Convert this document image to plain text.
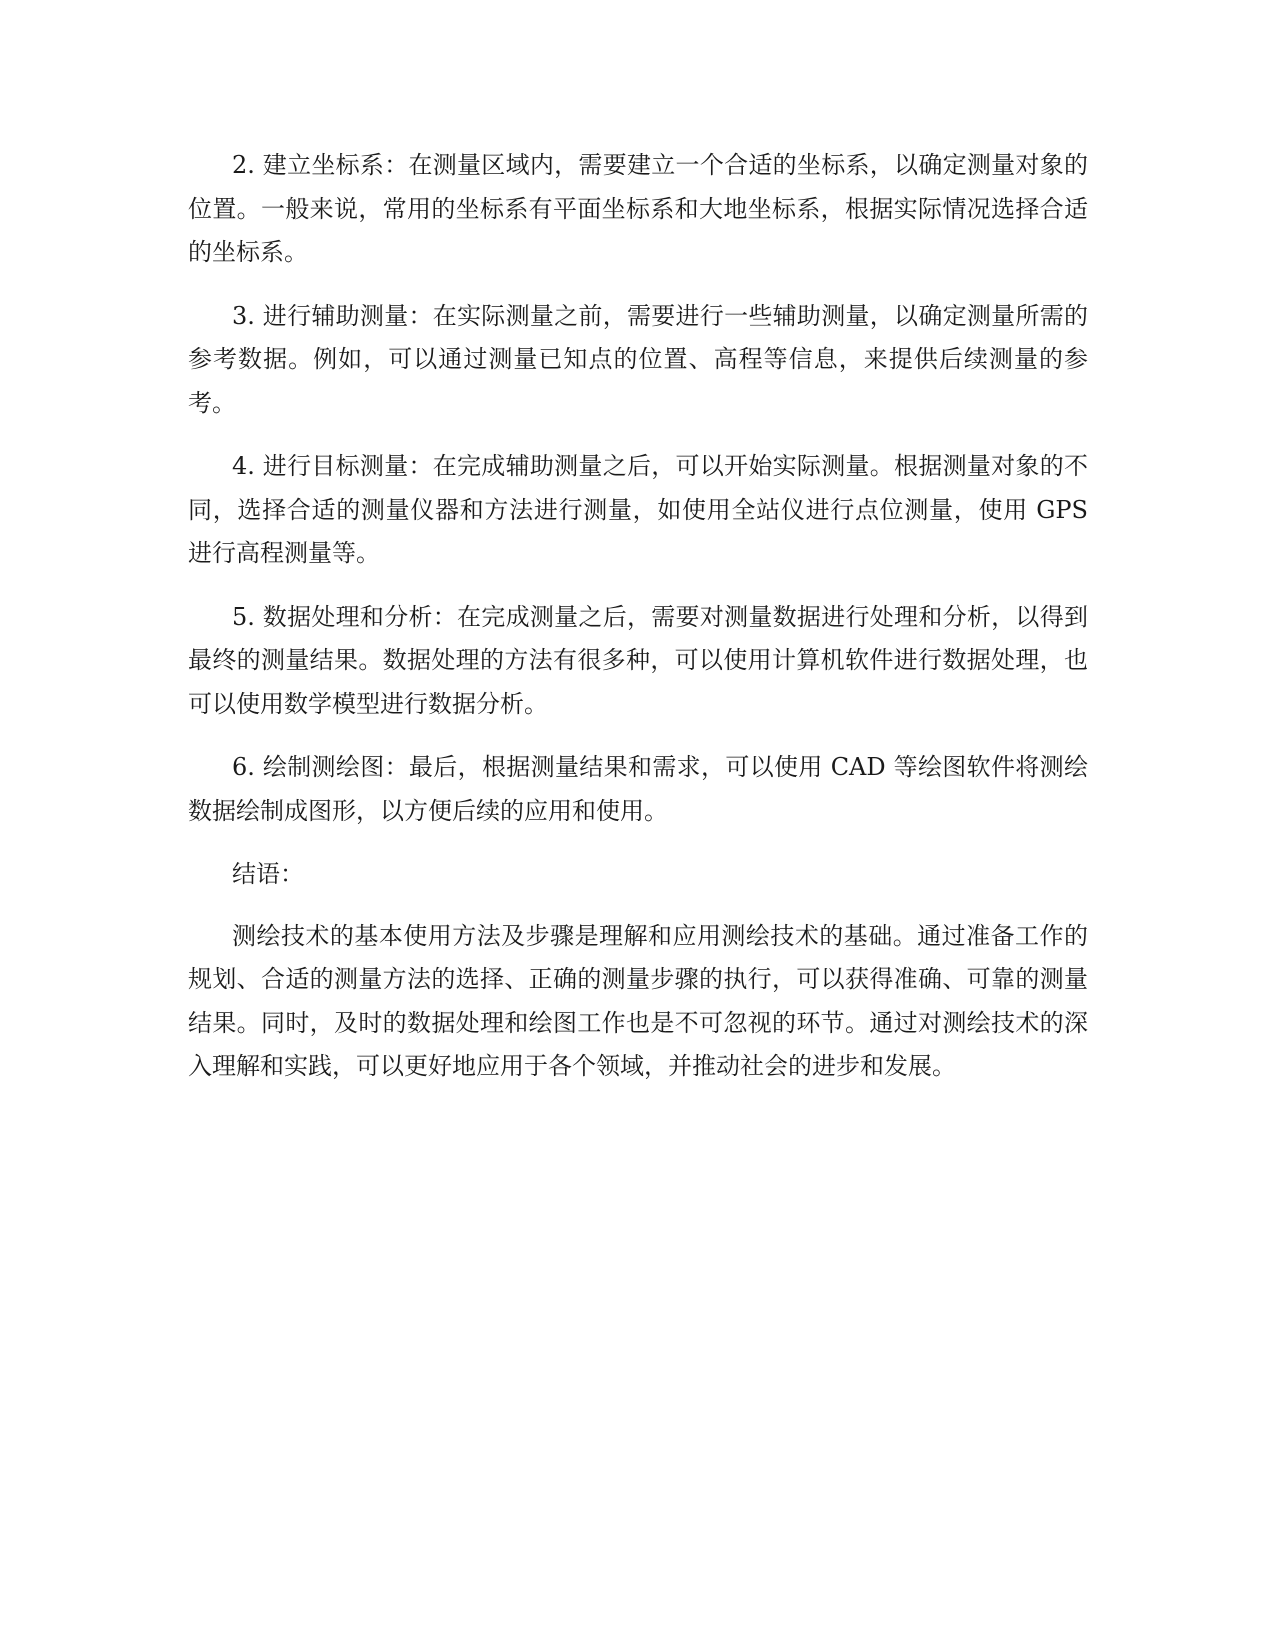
2. 建立坐标系：在测量区域内，需要建立一个合适的坐标系，以确定测量对象的位置。一般来说，常用的坐标系有平面坐标系和大地坐标系，根据实际情况选择合适的坐标系。

3. 进行辅助测量：在实际测量之前，需要进行一些辅助测量，以确定测量所需的参考数据。例如，可以通过测量已知点的位置、高程等信息，来提供后续测量的参考。

4. 进行目标测量：在完成辅助测量之后，可以开始实际测量。根据测量对象的不同，选择合适的测量仪器和方法进行测量，如使用全站仪进行点位测量，使用 GPS 进行高程测量等。

5. 数据处理和分析：在完成测量之后，需要对测量数据进行处理和分析，以得到最终的测量结果。数据处理的方法有很多种，可以使用计算机软件进行数据处理，也可以使用数学模型进行数据分析。

6. 绘制测绘图：最后，根据测量结果和需求，可以使用 CAD 等绘图软件将测绘数据绘制成图形，以方便后续的应用和使用。

结语：

测绘技术的基本使用方法及步骤是理解和应用测绘技术的基础。通过准备工作的规划、合适的测量方法的选择、正确的测量步骤的执行，可以获得准确、可靠的测量结果。同时，及时的数据处理和绘图工作也是不可忽视的环节。通过对测绘技术的深入理解和实践，可以更好地应用于各个领域，并推动社会的进步和发展。
